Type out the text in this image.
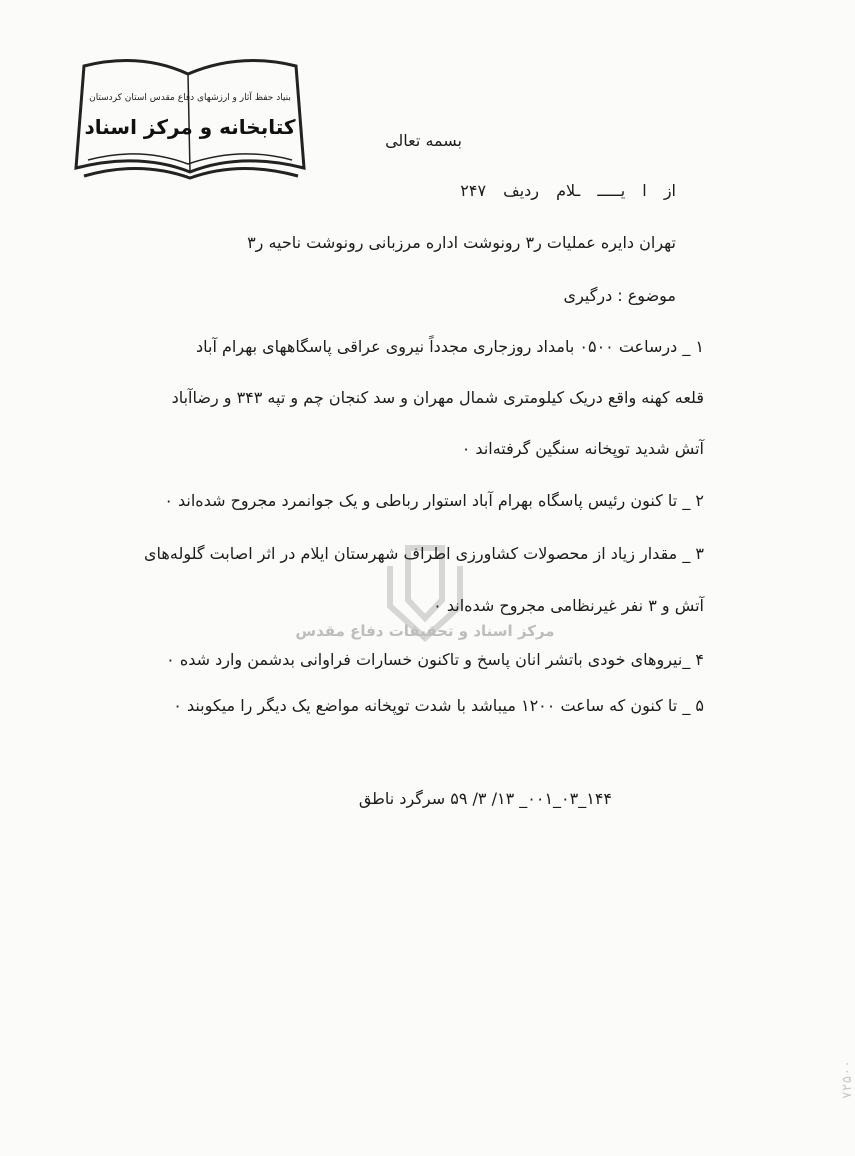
بنیاد حفظ آثار و ارزشهای دفاع مقدس استان کردستان
کتابخانه و مرکز اسناد
مرکز اسناد و تحقیقات دفاع مقدس
بسمه تعالی
از ا یـــــ ـلام ردیف ۲۴۷
تهران دایره عملیات ر۳ رونوشت اداره مرزبانی رونوشت ناحیه ر۳
موضوع : درگیری
۱ _ درساعت ۰۵۰۰ بامداد روزجاری مجدداً نیروی عراقی پاسگاههای بهرام آباد
قلعه کهنه واقع دریک کیلومتری شمال مهران و سد کنجان چم و تپه ۳۴۳ و رضاآباد
آتش شدید توپخانه سنگین گرفته‌اند ۰
۲ _ تا کنون رئیس پاسگاه بهرام آباد استوار رباطی و یک جوانمرد مجروح شده‌اند ۰
۳ _ مقدار زیاد از محصولات کشاورزی اطراف شهرستان ایلام در اثر اصابت گلوله‌های
آتش و ۳ نفر غیرنظامی مجروح شده‌اند ۰
۴ _نیروهای خودی باتشر انان پاسخ و تاکنون خسارات فراوانی بدشمن وارد شده ۰
۵ _ تا کنون که ساعت ۱۲۰۰ میباشد با شدت توپخانه مواضع یک دیگر را میکوبند ۰
۱۴۴_۰۳_۰۰۱_ ۱۳/ ۳/ ۵۹ سرگرد ناطق
۷۲۵۰۰
